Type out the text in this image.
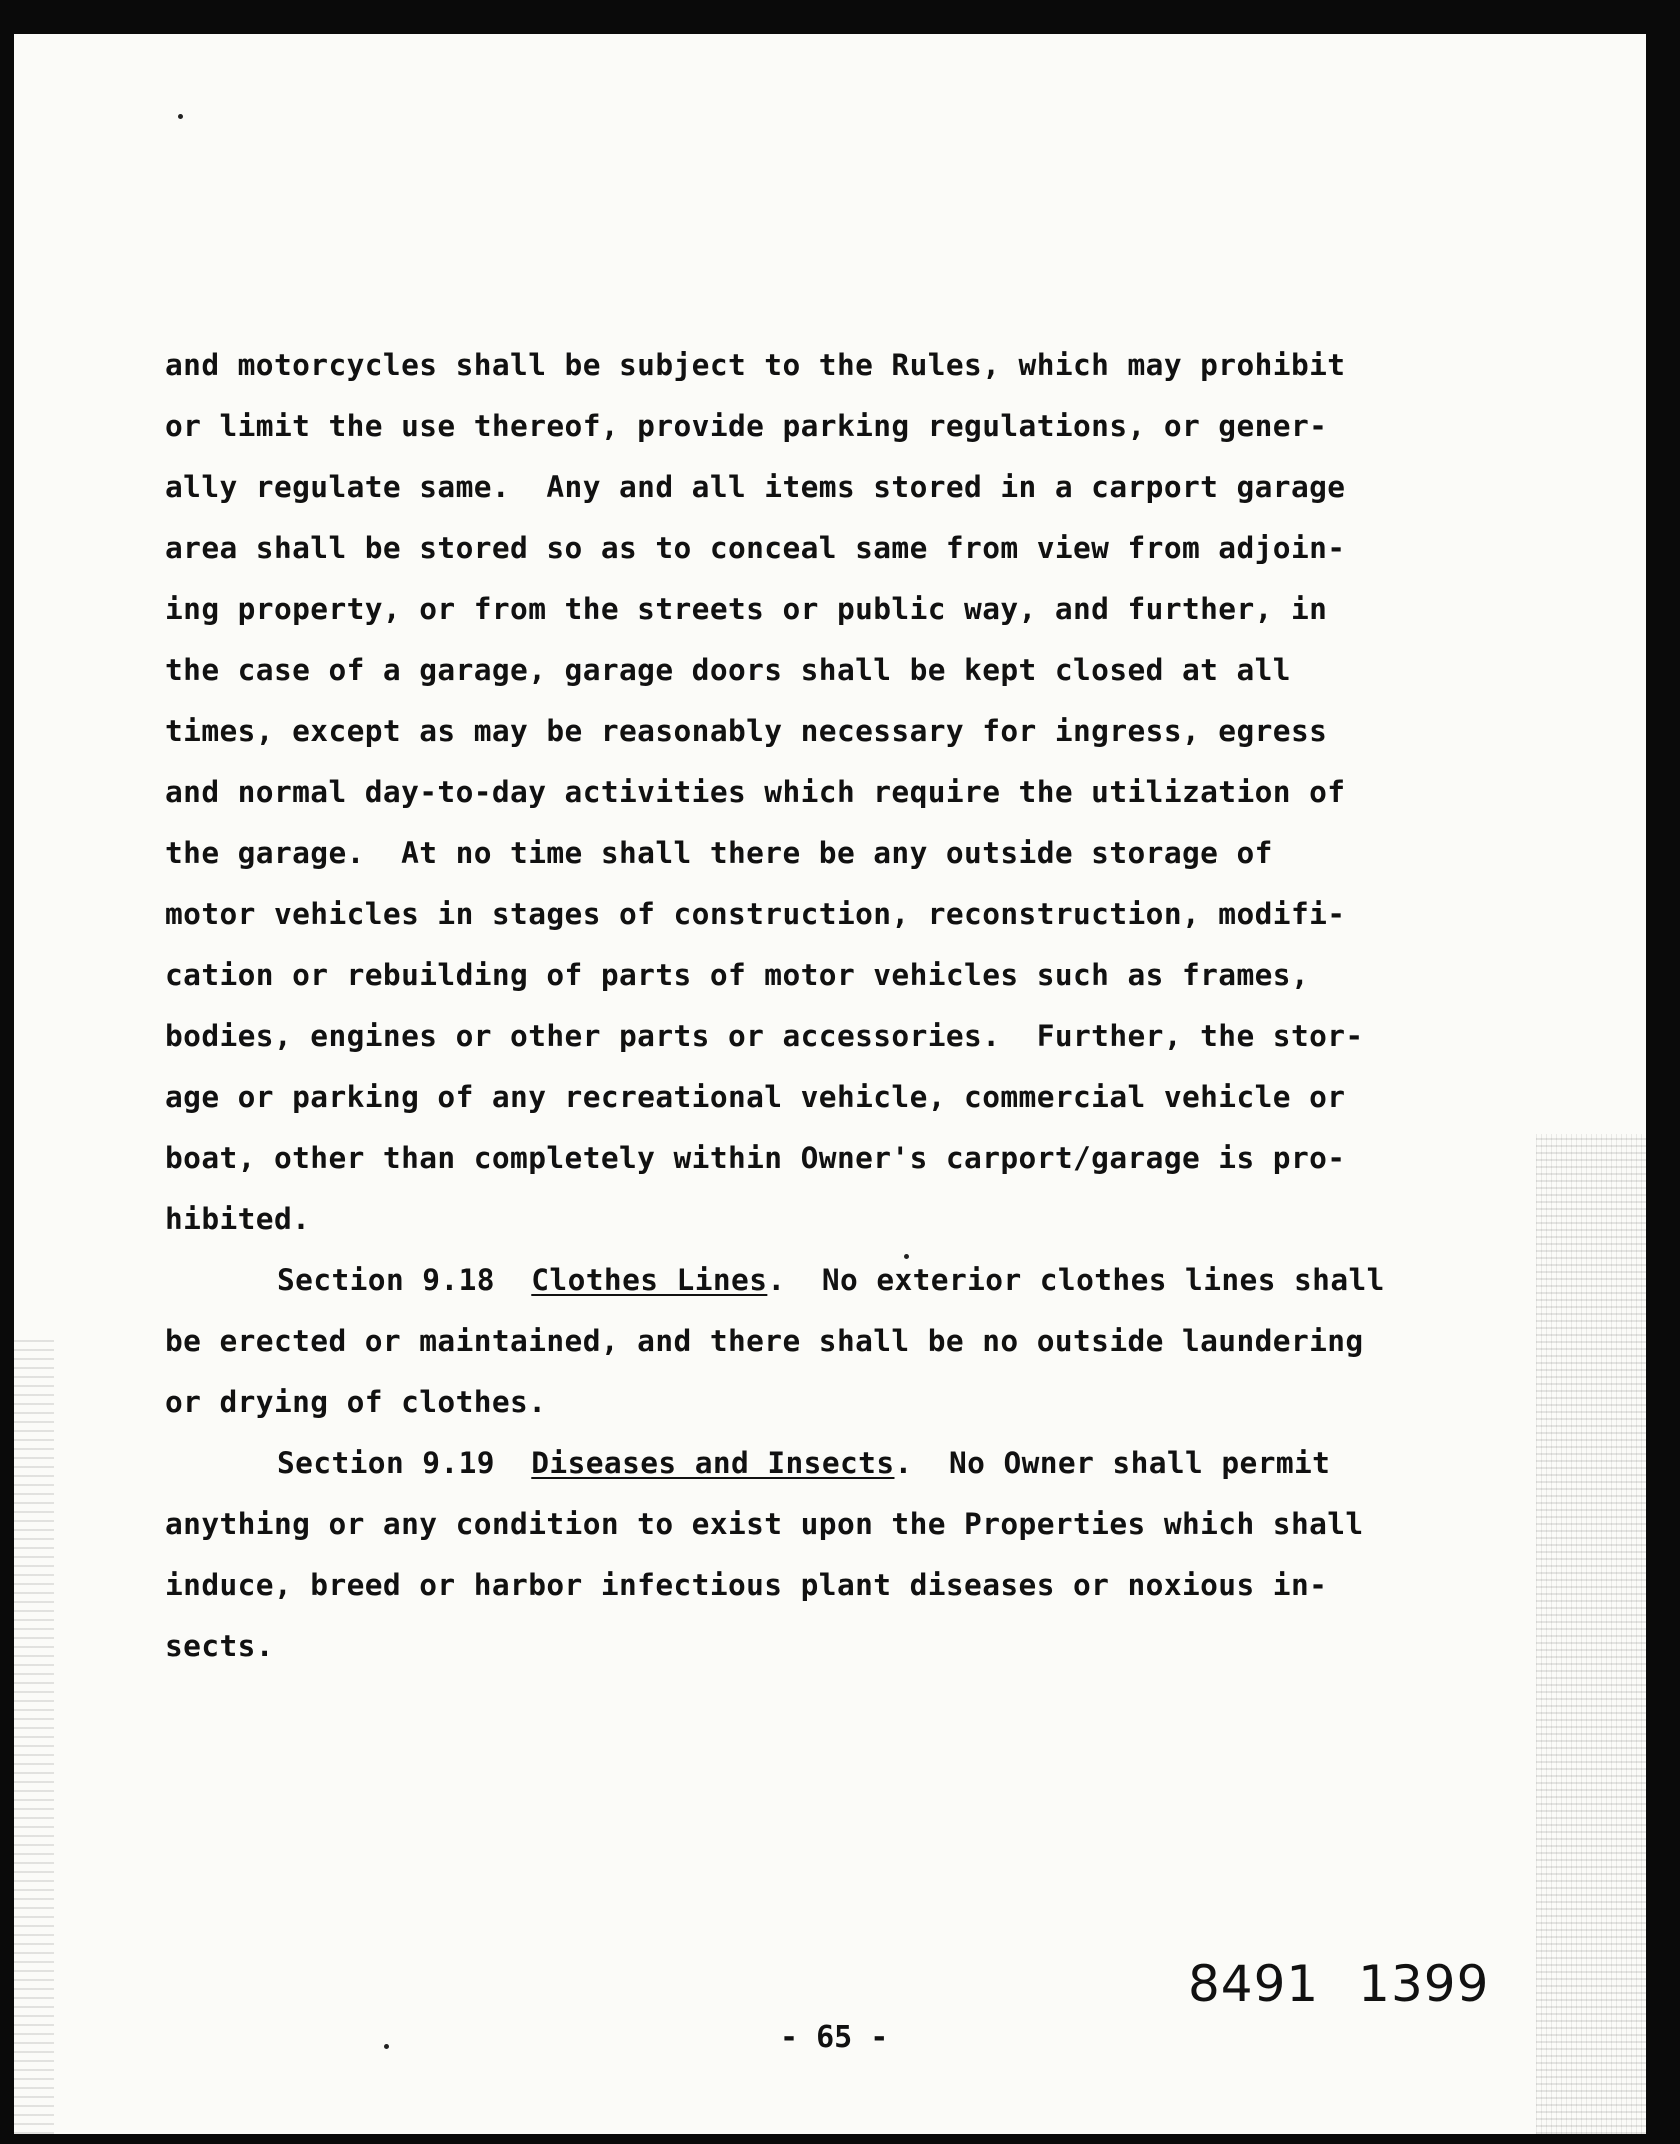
and motorcycles shall be subject to the Rules, which may prohibit
or limit the use thereof, provide parking regulations, or gener-
ally regulate same.  Any and all items stored in a carport garage
area shall be stored so as to conceal same from view from adjoin-
ing property, or from the streets or public way, and further, in
the case of a garage, garage doors shall be kept closed at all
times, except as may be reasonably necessary for ingress, egress
and normal day-to-day activities which require the utilization of
the garage.  At no time shall there be any outside storage of
motor vehicles in stages of construction, reconstruction, modifi-
cation or rebuilding of parts of motor vehicles such as frames,
bodies, engines or other parts or accessories.  Further, the stor-
age or parking of any recreational vehicle, commercial vehicle or
boat, other than completely within Owner's carport/garage is pro-
hibited.
Section 9.18 Clothes Lines.  No exterior clothes lines shall
be erected or maintained, and there shall be no outside laundering
or drying of clothes.
Section 9.19 Diseases and Insects.  No Owner shall permit
anything or any condition to exist upon the Properties which shall
induce, breed or harbor infectious plant diseases or noxious in-
sects.
8491 1399
- 65 -
